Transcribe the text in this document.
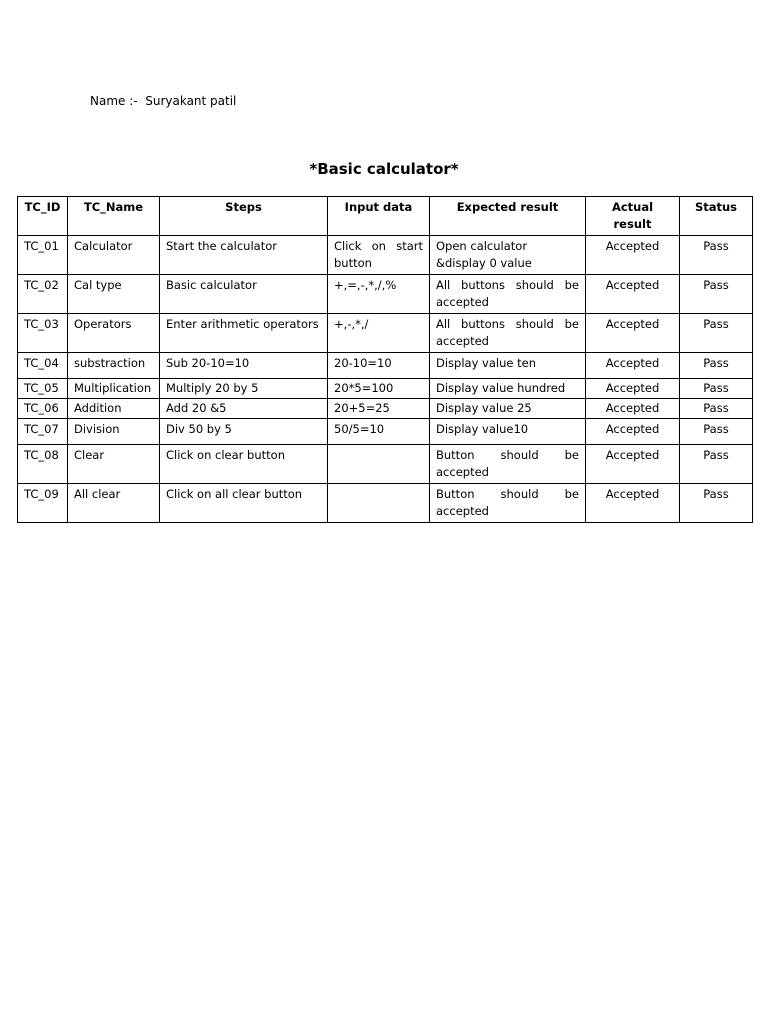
Name :-  Suryakant patil
*Basic calculator*
TC_ID	TC_Name	Steps	Input data	Expected result	Actual result	Status
TC_01	Calculator	Start the calculator	Click on start button	Open calculator &display 0 value	Accepted	Pass
TC_02	Cal type	Basic calculator	+,=,-,*,/,%	All buttons should be accepted	Accepted	Pass
TC_03	Operators	Enter arithmetic operators	+,-,*,/	All buttons should be accepted	Accepted	Pass
TC_04	substraction	Sub 20-10=10	20-10=10	Display value ten	Accepted	Pass
TC_05	Multiplication	Multiply 20 by 5	20*5=100	Display value hundred	Accepted	Pass
TC_06	Addition	Add 20 &5	20+5=25	Display value 25	Accepted	Pass
TC_07	Division	Div 50 by 5	50/5=10	Display value10	Accepted	Pass
TC_08	Clear	Click on clear button		Button should be accepted	Accepted	Pass
TC_09	All clear	Click on all clear button		Button should be accepted	Accepted	Pass
